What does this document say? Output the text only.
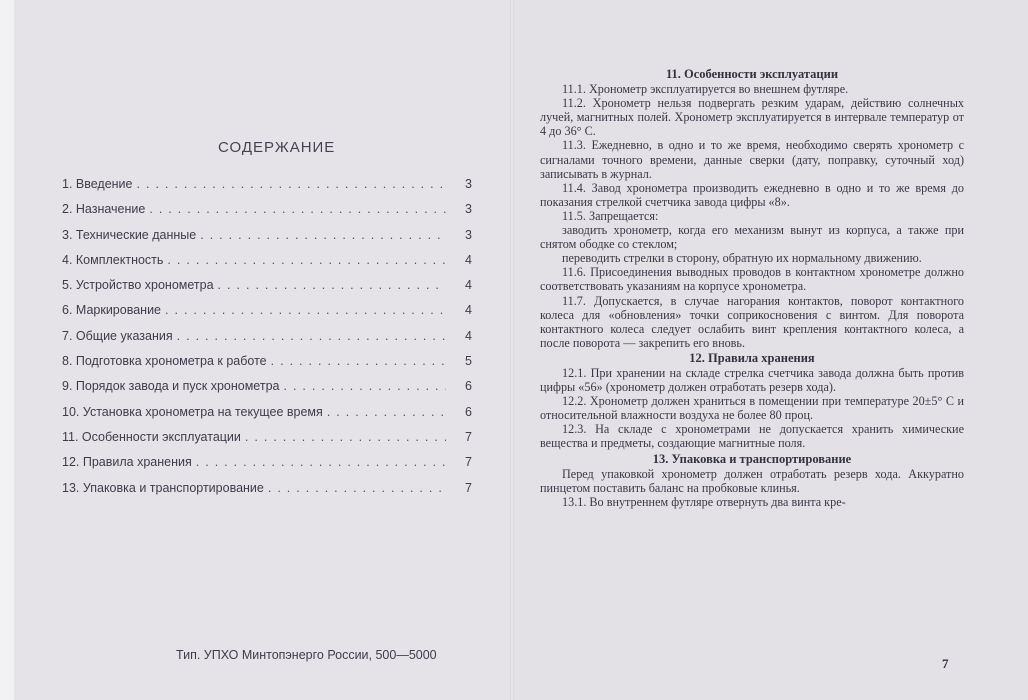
СОДЕРЖАНИЕ
1. Введение .....	3
2. Назначение .....	3
3. Технические данные .....	3
4. Комплектность .....	4
5. Устройство хронометра .....	4
6. Маркирование .....	4
7. Общие указания .....	4
8. Подготовка хронометра к работе .....	5
9. Порядок завода и пуск хронометра .....	6
10. Установка хронометра на текущее время .....	6
11. Особенности эксплуатации .....	7
12. Правила хранения .....	7
13. Упаковка и транспортирование .....	7
Тип. УПХО Минтопэнерго России, 500—5000
11. Особенности эксплуатации

11.1. Хронометр эксплуатируется во внешнем футляре.

11.2. Хронометр нельзя подвергать резким ударам, действию солнечных лучей, магнитных полей. Хронометр эксплуатируется в интервале температур от 4 до 36° С.

11.3. Ежедневно, в одно и то же время, необходимо сверять хронометр с сигналами точного времени, данные сверки (дату, поправку, суточный ход) записывать в журнал.

11.4. Завод хронометра производить ежедневно в одно и то же время до показания стрелкой счетчика завода цифры «8».

11.5. Запрещается:

заводить хронометр, когда его механизм вынут из корпуса, а также при снятом ободке со стеклом;

переводить стрелки в сторону, обратную их нормальному движению.

11.6. Присоединения выводных проводов в контактном хронометре должно соответствовать указаниям на корпусе хронометра.

11.7. Допускается, в случае нагорания контактов, поворот контактного колеса для «обновления» точки соприкосновения с винтом. Для поворота контактного колеса следует ослабить винт крепления контактного колеса, а после поворота — закрепить его вновь.

12. Правила хранения

12.1. При хранении на складе стрелка счетчика завода должна быть против цифры «56» (хронометр должен отработать резерв хода).

12.2. Хронометр должен храниться в помещении при температуре 20±5° С и относительной влажности воздуха не более 80 проц.

12.3. На складе с хронометрами не допускается хранить химические вещества и предметы, создающие магнитные поля.

13. Упаковка и транспортирование

Перед упаковкой хронометр должен отработать резерв хода. Аккуратно пинцетом поставить баланс на пробковые клинья.

13.1. Во внутреннем футляре отвернуть два винта кре-

7
